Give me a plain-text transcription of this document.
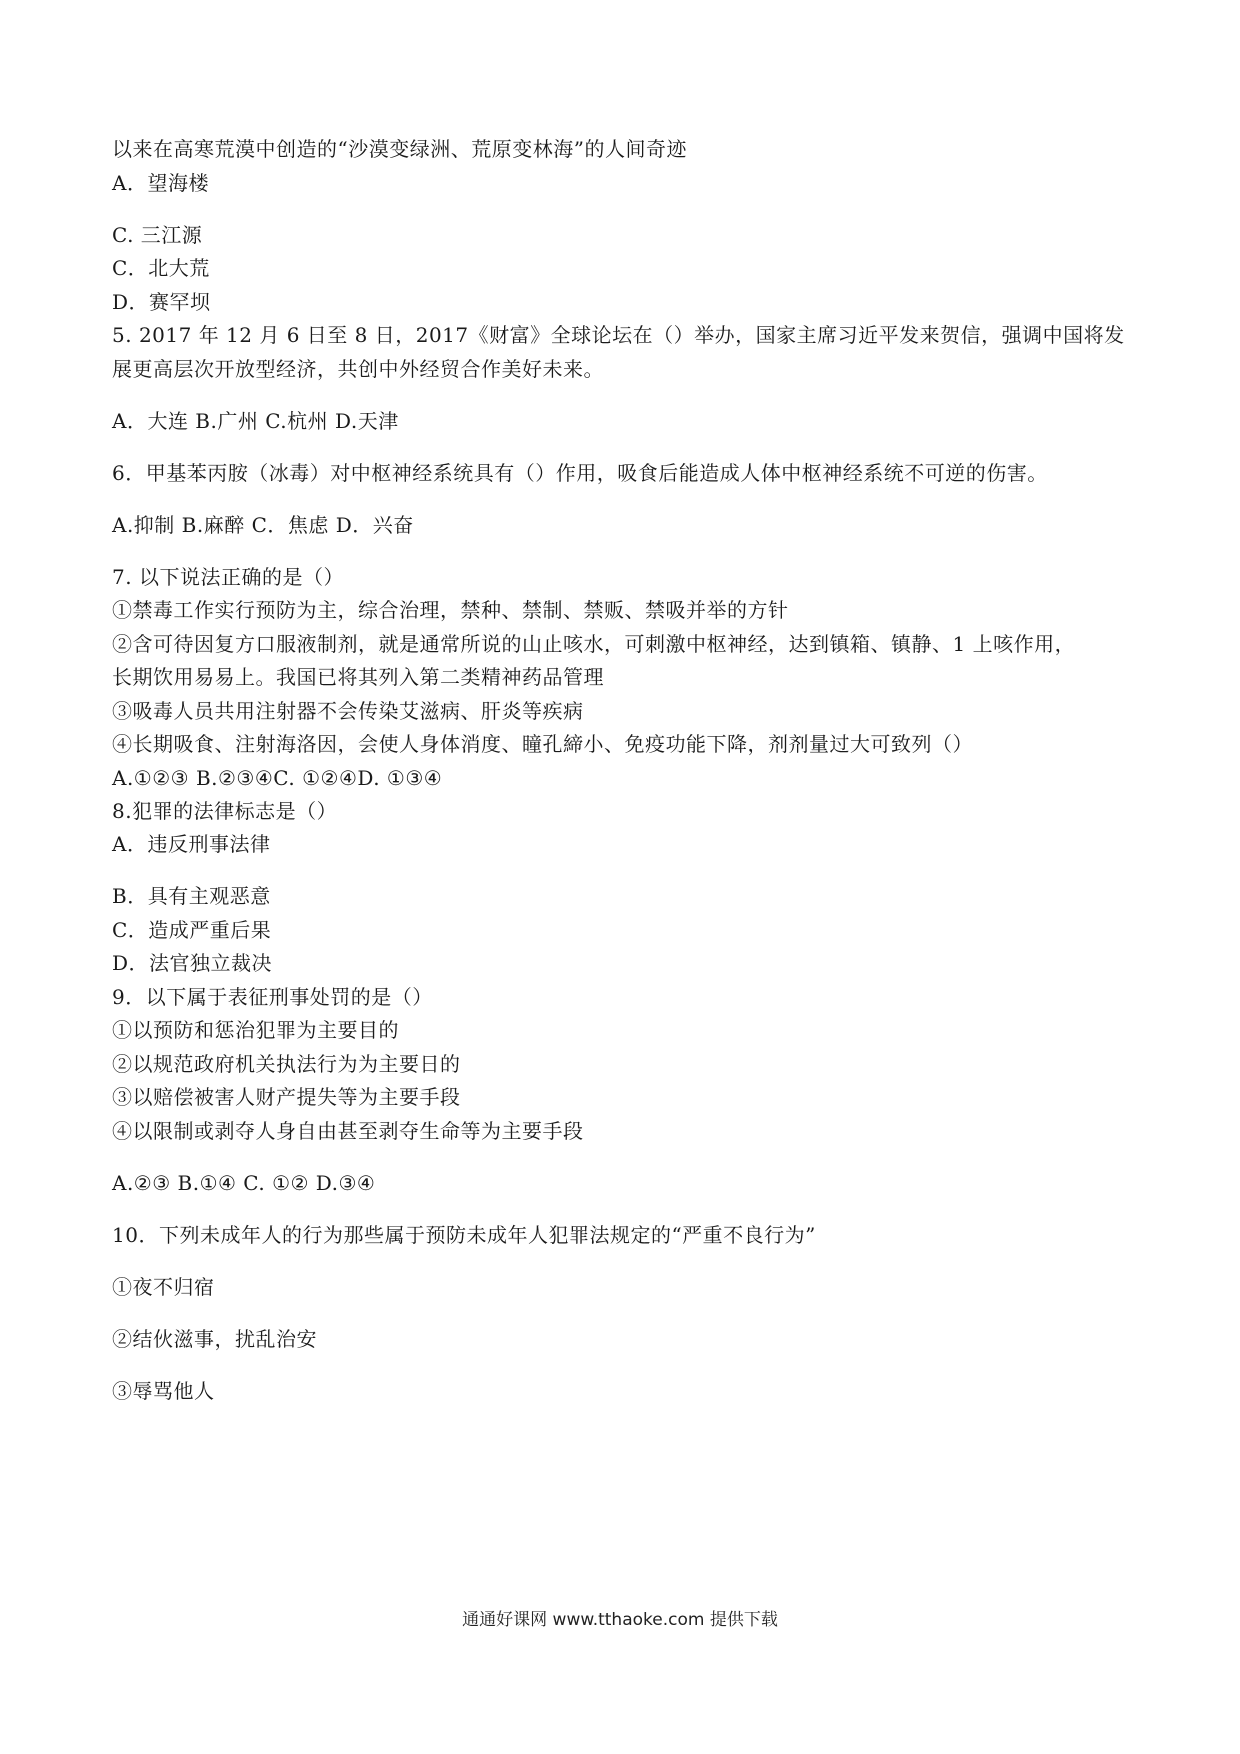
以来在高寒荒漠中创造的“沙漠变绿洲、荒原变林海”的人间奇迹
A．望海楼
C. 三江源
C．北大荒
D．赛罕坝
5. 2017 年 12 月 6 日至 8 日，2017《财富》全球论坛在（）举办，国家主席习近平发来贺信，强调中国将发
展更高层次开放型经济，共创中外经贸合作美好未来。
A．大连 B.广州 C.杭州 D.天津
6．甲基苯丙胺（冰毒）对中枢神经系统具有（）作用，吸食后能造成人体中枢神经系统不可逆的伤害。
A.抑制 B.麻醉 C．焦虑 D．兴奋
7. 以下说法正确的是（）
①禁毒工作实行预防为主，综合治理，禁种、禁制、禁贩、禁吸并举的方针
②含可待因复方口服液制剂，就是通常所说的山止咳水，可刺激中枢神经，达到镇箱、镇静、1 上咳作用，
长期饮用易易上。我国已将其列入第二类精神药品管理
③吸毒人员共用注射器不会传染艾滋病、肝炎等疾病
④长期吸食、注射海洛因，会使人身体消度、瞳孔締小、免疫功能下降，剂剂量过大可致列（）
A.①②③ B.②③④C. ①②④D. ①③④
8.犯罪的法律标志是（）
A．违反刑事法律
B．具有主观恶意
C．造成严重后果
D．法官独立裁决
9．以下属于表征刑事处罚的是（）
①以预防和惩治犯罪为主要目的
②以规范政府机关执法行为为主要日的
③以赔偿被害人财产提失等为主要手段
④以限制或剥夺人身自由甚至剥夺生命等为主要手段
A.②③ B.①④ C. ①② D.③④
10．下列未成年人的行为那些属于预防未成年人犯罪法规定的“严重不良行为”
①夜不归宿
②结伙滋事，扰乱治安
③辱骂他人
通通好课网 www.tthaoke.com 提供下载
